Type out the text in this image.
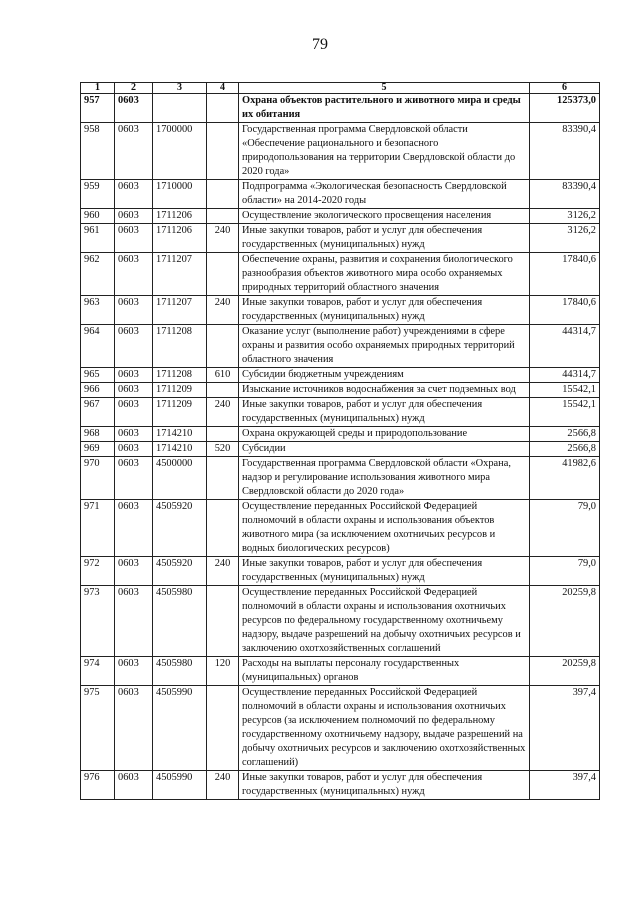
79
1	2	3	4	5	6
957	0603			Охрана объектов растительного и животного мира и среды их обитания	125373,0
958	0603	1700000		Государственная программа Свердловской области «Обеспечение рационального и безопасного природопользования на территории Свердловской области до 2020 года»	83390,4
959	0603	1710000		Подпрограмма «Экологическая безопасность Свердловской области» на 2014-2020 годы	83390,4
960	0603	1711206		Осуществление экологического просвещения населения	3126,2
961	0603	1711206	240	Иные закупки товаров, работ и услуг для обеспечения государственных (муниципальных) нужд	3126,2
962	0603	1711207		Обеспечение охраны, развития и сохранения биологического разнообразия объектов животного мира особо охраняемых природных территорий областного значения	17840,6
963	0603	1711207	240	Иные закупки товаров, работ и услуг для обеспечения государственных (муниципальных) нужд	17840,6
964	0603	1711208		Оказание услуг (выполнение работ) учреждениями в сфере охраны и развития особо охраняемых природных территорий областного значения	44314,7
965	0603	1711208	610	Субсидии бюджетным учреждениям	44314,7
966	0603	1711209		Изыскание источников водоснабжения за счет подземных вод	15542,1
967	0603	1711209	240	Иные закупки товаров, работ и услуг для обеспечения государственных (муниципальных) нужд	15542,1
968	0603	1714210		Охрана окружающей среды и природопользование	2566,8
969	0603	1714210	520	Субсидии	2566,8
970	0603	4500000		Государственная программа Свердловской области «Охрана, надзор и регулирование использования животного мира Свердловской области до 2020 года»	41982,6
971	0603	4505920		Осуществление переданных Российской Федерацией полномочий в области охраны и использования объектов животного мира (за исключением охотничьих ресурсов и водных биологических ресурсов)	79,0
972	0603	4505920	240	Иные закупки товаров, работ и услуг для обеспечения государственных (муниципальных) нужд	79,0
973	0603	4505980		Осуществление переданных Российской Федерацией полномочий в области охраны и использования охотничьих ресурсов по федеральному государственному охотничьему надзору, выдаче разрешений на добычу охотничьих ресурсов и заключению охотхозяйственных соглашений	20259,8
974	0603	4505980	120	Расходы на выплаты персоналу государственных (муниципальных) органов	20259,8
975	0603	4505990		Осуществление переданных Российской Федерацией полномочий в области охраны и использования охотничьих ресурсов (за исключением полномочий по федеральному государственному охотничьему надзору, выдаче разрешений на добычу охотничьих ресурсов и заключению охотхозяйственных соглашений)	397,4
976	0603	4505990	240	Иные закупки товаров, работ и услуг для обеспечения государственных (муниципальных) нужд	397,4
